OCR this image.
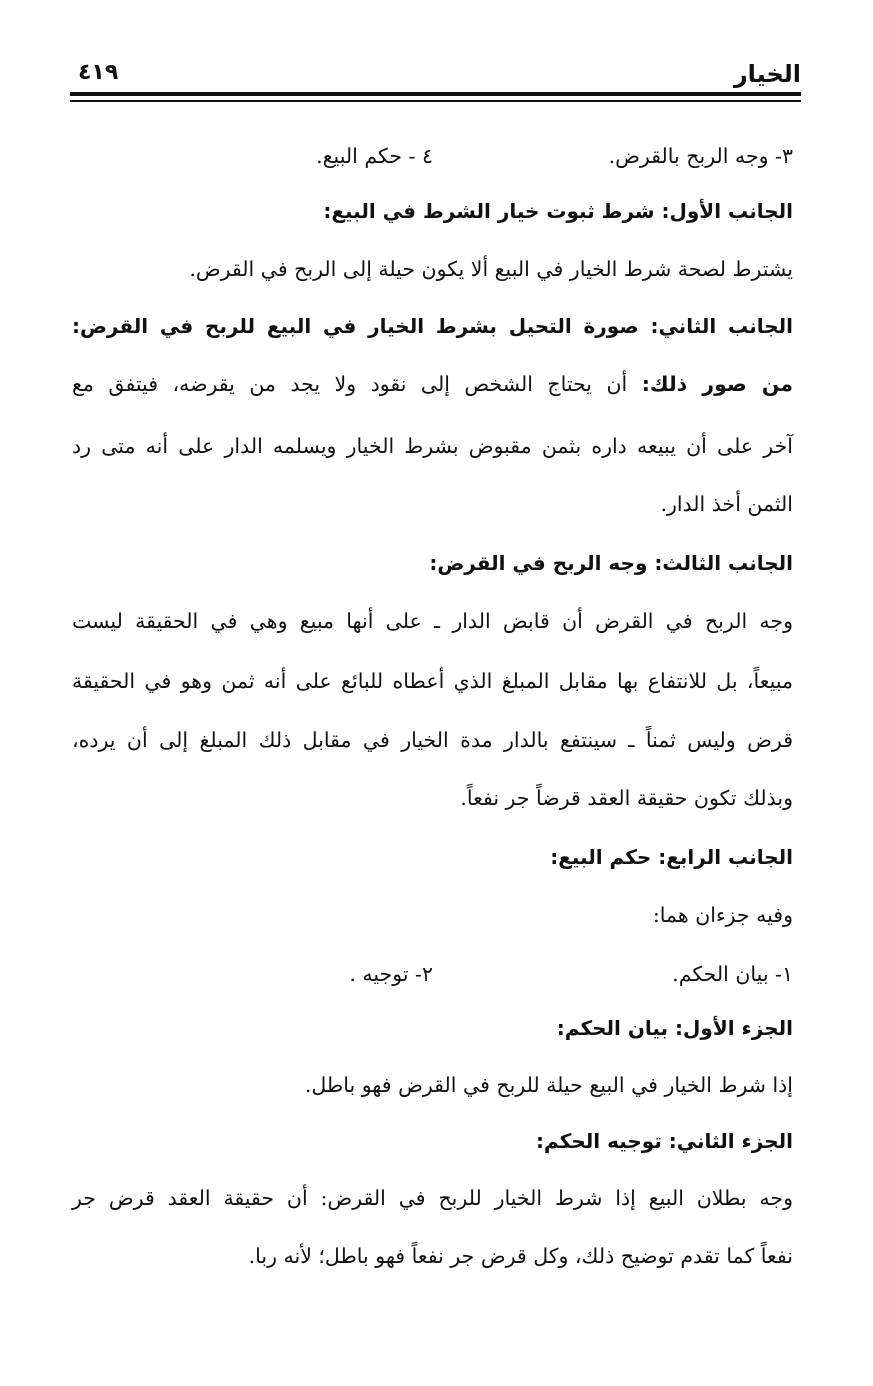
الخيار
٤١٩
٣- وجه الربح بالقرض.
٤ - حكم البيع.
الجانب الأول: شرط ثبوت خيار الشرط في البيع:
يشترط لصحة شرط الخيار في البيع ألا يكون حيلة إلى الربح في القرض.
الجانب الثاني: صورة التحيل بشرط الخيار في البيع للربح في القرض:
من صور ذلك: أن يحتاج الشخص إلى نقود ولا يجد من يقرضه، فيتفق مع
آخر على أن يبيعه داره بثمن مقبوض بشرط الخيار ويسلمه الدار على أنه متى رد
الثمن أخذ الدار.
الجانب الثالث: وجه الربح في القرض:
وجه الربح في القرض أن قابض الدار ـ على أنها مبيع وهي في الحقيقة ليست
مبيعاً، بل للانتفاع بها مقابل المبلغ الذي أعطاه للبائع على أنه ثمن وهو في الحقيقة
قرض وليس ثمناً ـ سينتفع بالدار مدة الخيار في مقابل ذلك المبلغ إلى أن يرده،
وبذلك تكون حقيقة العقد قرضاً جر نفعاً.
الجانب الرابع: حكم البيع:
وفيه جزءان هما:
١- بيان الحكم.
٢- توجيه .
الجزء الأول: بيان الحكم:
إذا شرط الخيار في البيع حيلة للربح في القرض فهو باطل.
الجزء الثاني: توجيه الحكم:
وجه بطلان البيع إذا شرط الخيار للربح في القرض: أن حقيقة العقد قرض جر
نفعاً كما تقدم توضيح ذلك، وكل قرض جر نفعاً فهو باطل؛ لأنه ربا.
